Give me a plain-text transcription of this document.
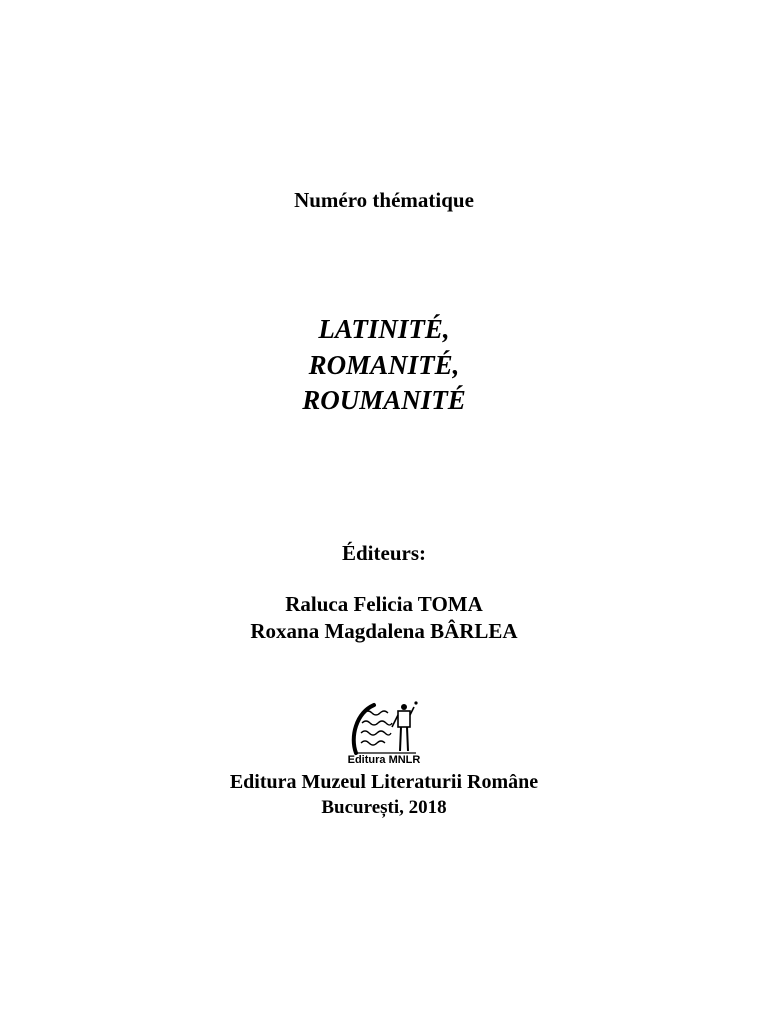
Numéro thématique
LATINITÉ,
ROMANITÉ,
ROUMANITÉ
Éditeurs:
Raluca Felicia TOMA
Roxana Magdalena BÂRLEA
Editura MNLR
Editura Muzeul Literaturii Române
București, 2018
